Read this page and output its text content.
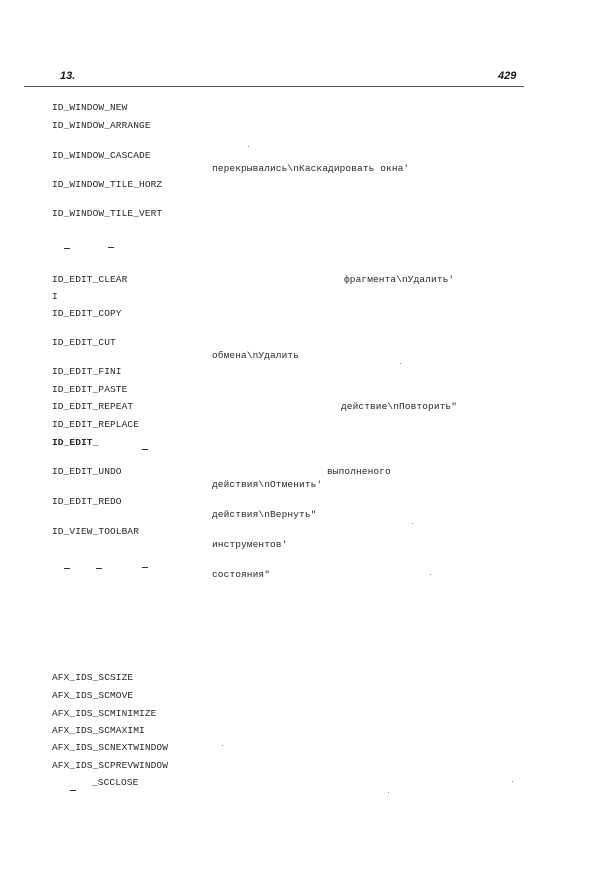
13.	429
ID_WINDOW_NEW
ID_WINDOW_ARRANGE
ID_WINDOW_CASCADE
ID_WINDOW_TILE_HORZ
ID_WINDOW_TILE_VERT
ID_EDIT_CLEAR
I
ID_EDIT_COPY
ID_EDIT_CUT
ID_EDIT_FINI
ID_EDIT_PASTE
ID_EDIT_REPEAT
ID_EDIT_REPLACE
ID_EDIT_
ID_EDIT_UNDO
ID_EDIT_REDO
ID_VIEW_TOOLBAR
перекрывались\nКаскадировать окна'
фрагмента\nУдалить'
обмена\nУдалить
действие\nПовторить"
выполненого
действия\nОтменить'
действия\nВернуть"
инструментов'
состояния"
AFX_IDS_SCSIZE
AFX_IDS_SCMOVE
AFX_IDS_SCMINIMIZE
AFX_IDS_SCMAXIMI
AFX_IDS_SCNEXTWINDOW
AFX_IDS_SCPREVWINDOW
_SCCLOSE
